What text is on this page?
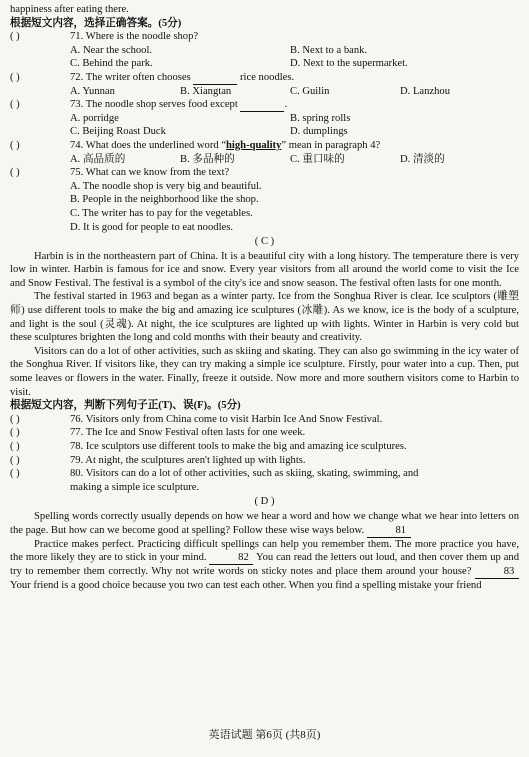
happiness after eating there.
根据短文内容，选择正确答案。(5分)
( )	71. Where is the noodle shop?
A. Near the school.	B. Next to a bank.
C. Behind the park.	D. Next to the supermarket.
( )	72. The writer often chooses

	rice noodles.
A. Yunnan	B. Xiangtan	C. Guilin	D. Lanzhou
( )	73. The noodle shop serves food except
	.
A. porridge	B. spring rolls
C. Beijing Roast Duck	D. dumplings
( )	74. What does the underlined word “ high-quality ” mean in paragraph 4?
A. 高品质的	B. 多品种的	C. 重口味的	D. 清淡的
( )	75. What can we know from the text?
A. The noodle shop is very big and beautiful.
B. People in the neighborhood like the shop.
C. The writer has to pay for the vegetables.
D. It is good for people to eat noodles.
( C )

Harbin is in the northeastern part of China. It is a beautiful city with a long history. The temperature there is very low in winter. Harbin is famous for ice and snow. Every year visitors from all around the world come to visit the Ice and Snow Festival. The festival is a symbol of the city's ice and snow season. The festival often lasts for one month.

The festival started in 1963 and began as a winter party. Ice from the Songhua River is clear. Ice sculptors (雕塑师) use different tools to make the big and amazing ice sculptures (冰雕). As we know, ice is the body of a sculpture, and light is the soul (灵魂). At night, the ice sculptures are lighted up with lights. Winter in Harbin is very cold but these sculptures brighten the long and cold months with their beauty and creativity.

Visitors can do a lot of other activities, such as skiing and skating. They can also go swimming in the icy water of the Songhua River. If visitors like, they can try making a simple ice sculpture. Firstly, pour water into a cup. Then, put some leaves or flowers in the water. Finally, freeze it outside. Now more and more southern visitors come to Harbin to visit.

根据短文内容，判断下列句子正(T)、误(F)。(5分)
( )	76. Visitors only from China come to visit Harbin Ice And Snow Festival.
( )	77. The Ice and Snow Festival often lasts for one week.
( )	78. Ice sculptors use different tools to make the big and amazing ice sculptures.
( )	79. At night, the sculptures aren't lighted up with lights.
( )	80. Visitors can do a lot of other activities, such as skiing, skating, swimming, and
making a simple ice sculpture.
( D )

Spelling words correctly usually depends on how we hear a word and how we change what we hear into letters on the page. But how can we become good at spelling? Follow these wise ways below.	81

Practice makes perfect. Practicing difficult spellings can help you remember them. The more practice you have, the more likely they are to stick in your mind.	82 You can read the letters out loud, and then cover them up and try to remember them correctly. Why not write words on sticky notes and place them around your house?	83 Your friend is a good choice because you two can test each other. When you find a spelling mistake your friend

英语试题 第6页 (共8页)
